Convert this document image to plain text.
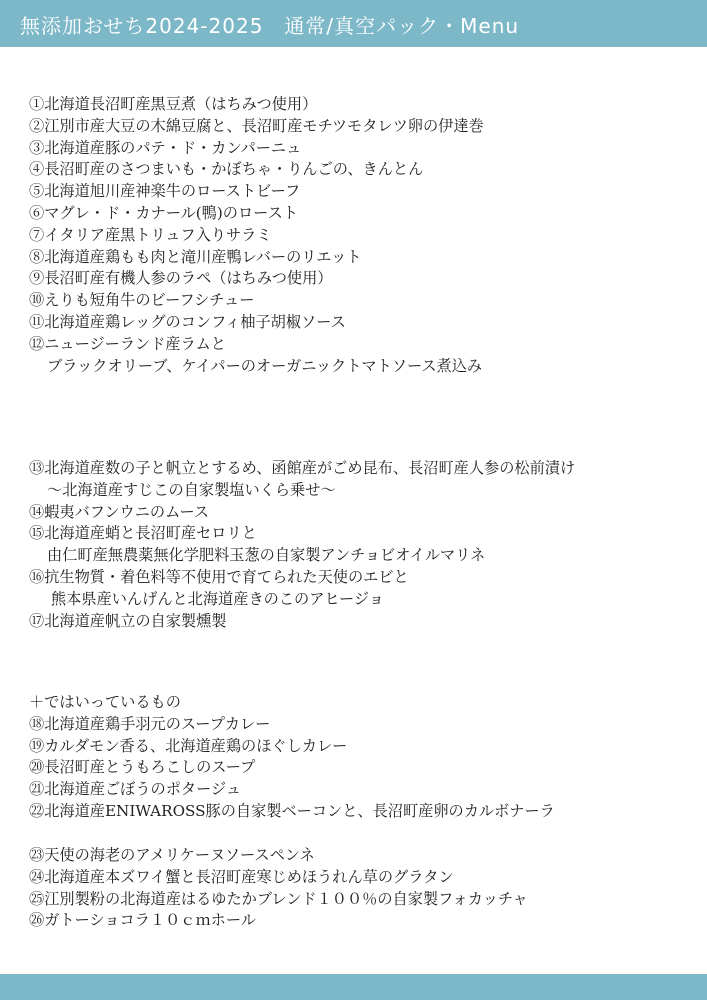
無添加おせち2024-2025　通常/真空パック・Menu
①北海道長沼町産黒豆煮（はちみつ使用）
②江別市産大豆の木綿豆腐と、長沼町産モチツモタレツ卵の伊達巻
③北海道産豚のパテ・ド・カンパーニュ
④長沼町産のさつまいも・かぼちゃ・りんごの、きんとん
⑤北海道旭川産神楽牛のローストビーフ
⑥マグレ・ド・カナール(鴨)のロースト
⑦イタリア産黒トリュフ入りサラミ
⑧北海道産鶏もも肉と滝川産鴨レバーのリエット
⑨長沼町産有機人参のラペ（はちみつ使用）
⑩えりも短角牛のビーフシチュー
⑪北海道産鶏レッグのコンフィ柚子胡椒ソース
⑫ニュージーランド産ラムと
ブラックオリーブ、ケイパーのオーガニックトマトソース煮込み
⑬北海道産数の子と帆立とするめ、函館産がごめ昆布、長沼町産人参の松前漬け
～北海道産すじこの自家製塩いくら乗せ～
⑭蝦夷バフンウニのムース
⑮北海道産蛸と長沼町産セロリと
由仁町産無農薬無化学肥料玉葱の自家製アンチョビオイルマリネ
⑯抗生物質・着色料等不使用で育てられた天使のエビと
熊本県産いんげんと北海道産きのこのアヒージョ
⑰北海道産帆立の自家製燻製
＋ではいっているもの
⑱北海道産鶏手羽元のスープカレー
⑲カルダモン香る、北海道産鶏のほぐしカレー
⑳長沼町産とうもろこしのスープ
㉑北海道産ごぼうのポタージュ
㉒北海道産ENIWAROSS豚の自家製ベーコンと、長沼町産卵のカルボナーラ
㉓天使の海老のアメリケーヌソースペンネ
㉔北海道産本ズワイ蟹と長沼町産寒じめほうれん草のグラタン
㉕江別製粉の北海道産はるゆたかブレンド１００％の自家製フォカッチャ
㉖ガトーショコラ１０ｃｍホール
